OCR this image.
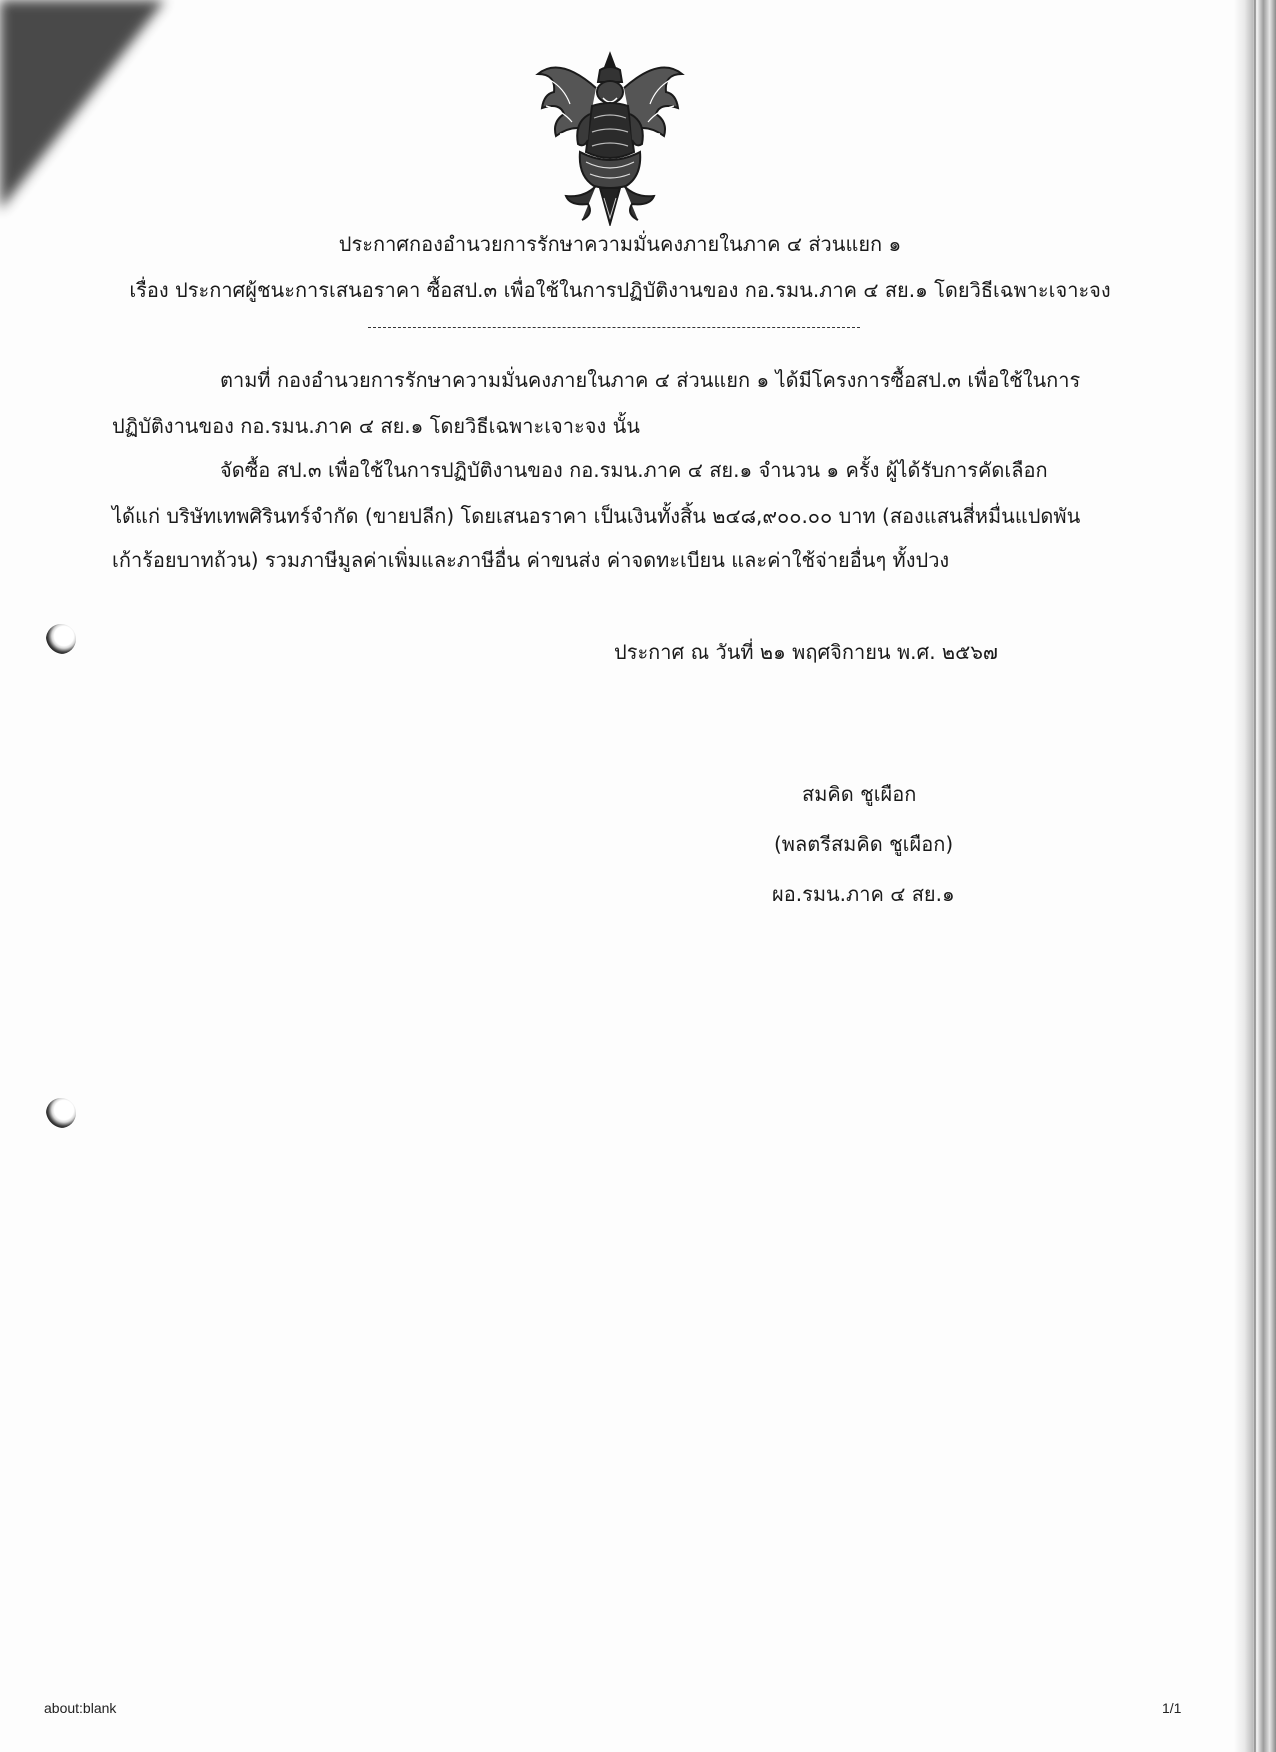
ประกาศกองอำนวยการรักษาความมั่นคงภายในภาค ๔ ส่วนแยก ๑
เรื่อง ประกาศผู้ชนะการเสนอราคา ซื้อสป.๓ เพื่อใช้ในการปฏิบัติงานของ กอ.รมน.ภาค ๔ สย.๑ โดยวิธีเฉพาะเจาะจง
ตามที่ กองอำนวยการรักษาความมั่นคงภายในภาค ๔ ส่วนแยก ๑ ได้มีโครงการซื้อสป.๓ เพื่อใช้ในการ
ปฏิบัติงานของ กอ.รมน.ภาค ๔ สย.๑ โดยวิธีเฉพาะเจาะจง นั้น
จัดซื้อ สป.๓ เพื่อใช้ในการปฏิบัติงานของ กอ.รมน.ภาค ๔ สย.๑ จำนวน ๑ ครั้ง ผู้ได้รับการคัดเลือก
ได้แก่ บริษัทเทพศิรินทร์จำกัด (ขายปลีก) โดยเสนอราคา เป็นเงินทั้งสิ้น ๒๔๘,๙๐๐.๐๐ บาท (สองแสนสี่หมื่นแปดพัน
เก้าร้อยบาทถ้วน) รวมภาษีมูลค่าเพิ่มและภาษีอื่น ค่าขนส่ง ค่าจดทะเบียน และค่าใช้จ่ายอื่นๆ ทั้งปวง
ประกาศ ณ วันที่ ๒๑ พฤศจิกายน พ.ศ. ๒๕๖๗
สมคิด ชูเผือก
(พลตรีสมคิด ชูเผือก)
ผอ.รมน.ภาค ๔ สย.๑
about:blank	1/1
